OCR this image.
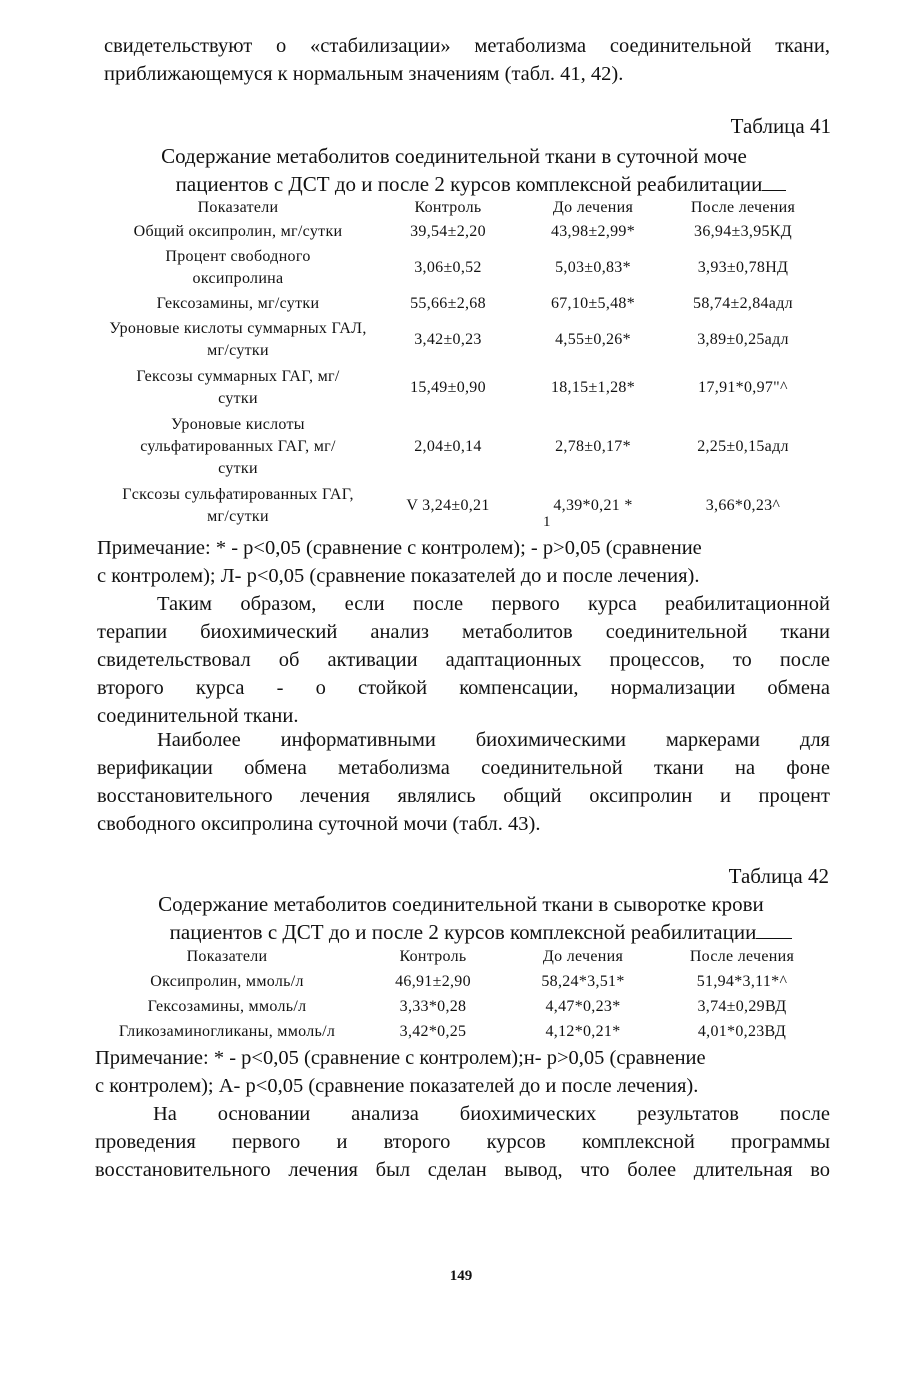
свидетельствуют о «стабилизации» метаболизма соединительной ткани,
приближающемуся к нормальным значениям (табл. 41, 42).
Таблица 41
Содержание метаболитов соединительной ткани в суточной моче
пациентов с ДСТ до и после 2 курсов комплексной реабилитации
Показатели	Контроль	До лечения	После лечения
Общий оксипролин, мг/сутки	39,54±2,20	43,98±2,99*	36,94±3,95КД
Процент свободного оксипролина	3,06±0,52	5,03±0,83*	3,93±0,78НД
Гексозамины, мг/сутки	55,66±2,68	67,10±5,48*	58,74±2,84адл
Уроновые кислоты суммарных ГАЛ, мг/сутки	3,42±0,23	4,55±0,26*	3,89±0,25адл
Гексозы суммарных ГАГ, мг/сутки	15,49±0,90	18,15±1,28*	17,91*0,97"^
Уроновые кислоты сульфатированных ГАГ, мг/сутки	2,04±0,14	2,78±0,17*	2,25±0,15адл
Гсксозы сульфатированных ГАГ, мг/сутки	V 3,24±0,21	4,39*0,21 *	3,66*0,23^
1
Примечание: * - р<0,05 (сравнение с контролем); - р>0,05 (сравнение
с контролем); Л- р<0,05 (сравнение показателей до и после лечения).
Таким образом, если после первого курса реабилитационной
терапии биохимический анализ метаболитов соединительной ткани
свидетельствовал об активации адаптационных процессов, то после
второго курса - о стойкой компенсации, нормализации обмена
соединительной ткани.
Наиболее информативными биохимическими маркерами для
верификации обмена метаболизма соединительной ткани на фоне
восстановительного лечения являлись общий оксипролин и процент
свободного оксипролина суточной мочи (табл. 43).
Таблица 42
Содержание метаболитов соединительной ткани в сыворотке крови
пациентов с ДСТ до и после 2 курсов комплексной реабилитации
Показатели	Контроль	До лечения	После лечения
Оксипролин, ммоль/л	46,91±2,90	58,24*3,51*	51,94*3,11*^
Гексозамины, ммоль/л	3,33*0,28	4,47*0,23*	3,74±0,29ВД
Гликозаминогликаны, ммоль/л	3,42*0,25	4,12*0,21*	4,01*0,23ВД
Примечание: * - р<0,05 (сравнение с контролем);н- р>0,05 (сравнение
с контролем); А- р<0,05 (сравнение показателей до и после лечения).
На основании анализа биохимических результатов после
проведения первого и второго курсов комплексной программы
восстановительного лечения был сделан вывод, что более длительная во
149
